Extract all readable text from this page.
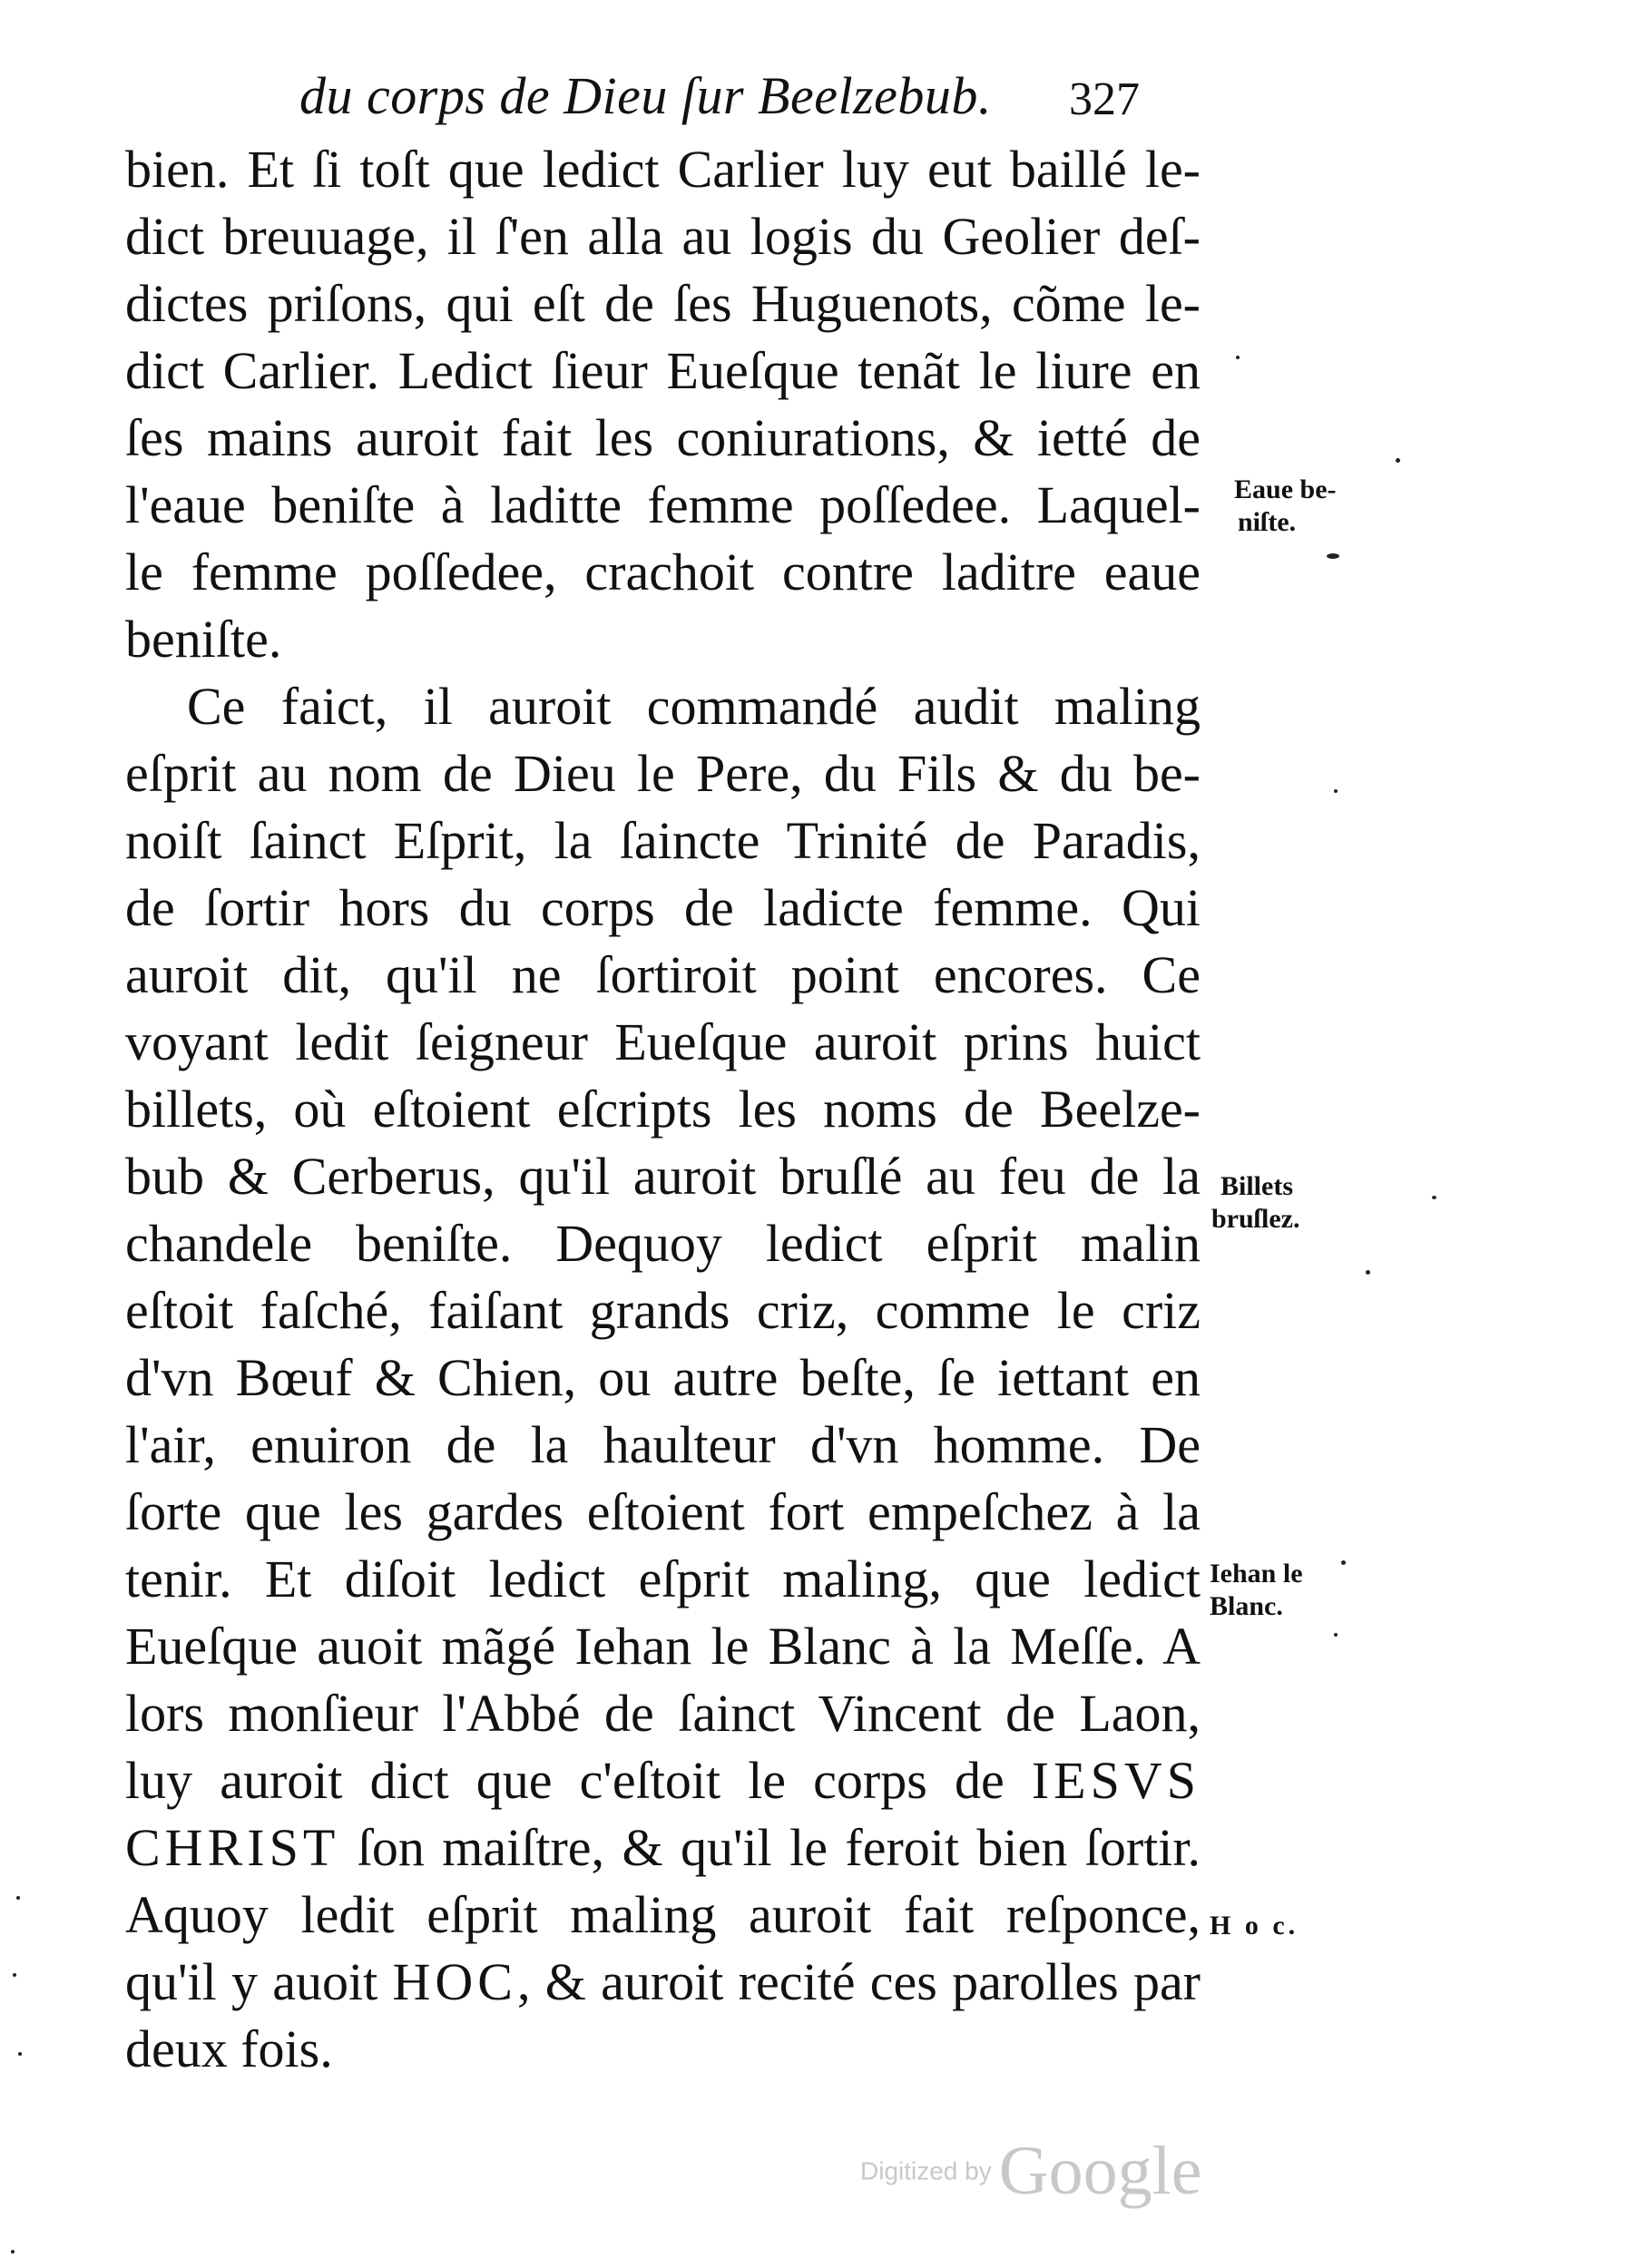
du corps de Dieu ſur Beelzebub. 327
bien. Et ſi toſt que ledict Carlier luy eut baillé le-
dict breuuage, il ſ'en alla au logis du Geolier deſ-
dictes priſons, qui eſt de ſes Huguenots, cõme le-
dict Carlier. Ledict ſieur Eueſque tenãt le liure en
ſes mains auroit fait les coniurations, & ietté de
l'eaue beniſte à laditte femme poſſedee. Laquel-
le femme poſſedee, crachoit contre laditre eaue
beniſte.
Ce faict, il auroit commandé audit maling
eſprit au nom de Dieu le Pere, du Fils & du be-
noiſt ſainct Eſprit, la ſaincte Trinité de Paradis,
de ſortir hors du corps de ladicte femme. Qui
auroit dit, qu'il ne ſortiroit point encores. Ce
voyant ledit ſeigneur Eueſque auroit prins huict
billets, où eſtoient eſcripts les noms de Beelze-
bub & Cerberus, qu'il auroit bruſlé au feu de la
chandele beniſte. Dequoy ledict eſprit malin
eſtoit faſché, faiſant grands criz, comme le criz
d'vn Bœuf & Chien, ou autre beſte, ſe iettant en
l'air, enuiron de la haulteur d'vn homme. De
ſorte que les gardes eſtoient fort empeſchez à la
tenir. Et diſoit ledict eſprit maling, que ledict
Eueſque auoit mãgé Iehan le Blanc à la Meſſe. A
lors monſieur l'Abbé de ſainct Vincent de Laon,
luy auroit dict que c'eſtoit le corps de IESVS
CHRIST ſon maiſtre, & qu'il le feroit bien ſortir.
Aquoy ledit eſprit maling auroit fait reſponce,
qu'il y auoit HOC, & auroit recité ces parolles par
deux fois.
Eaue be-
niſte.
Billets
bruſlez.
Iehan le
Blanc.
H o c.
Digitized by Google
